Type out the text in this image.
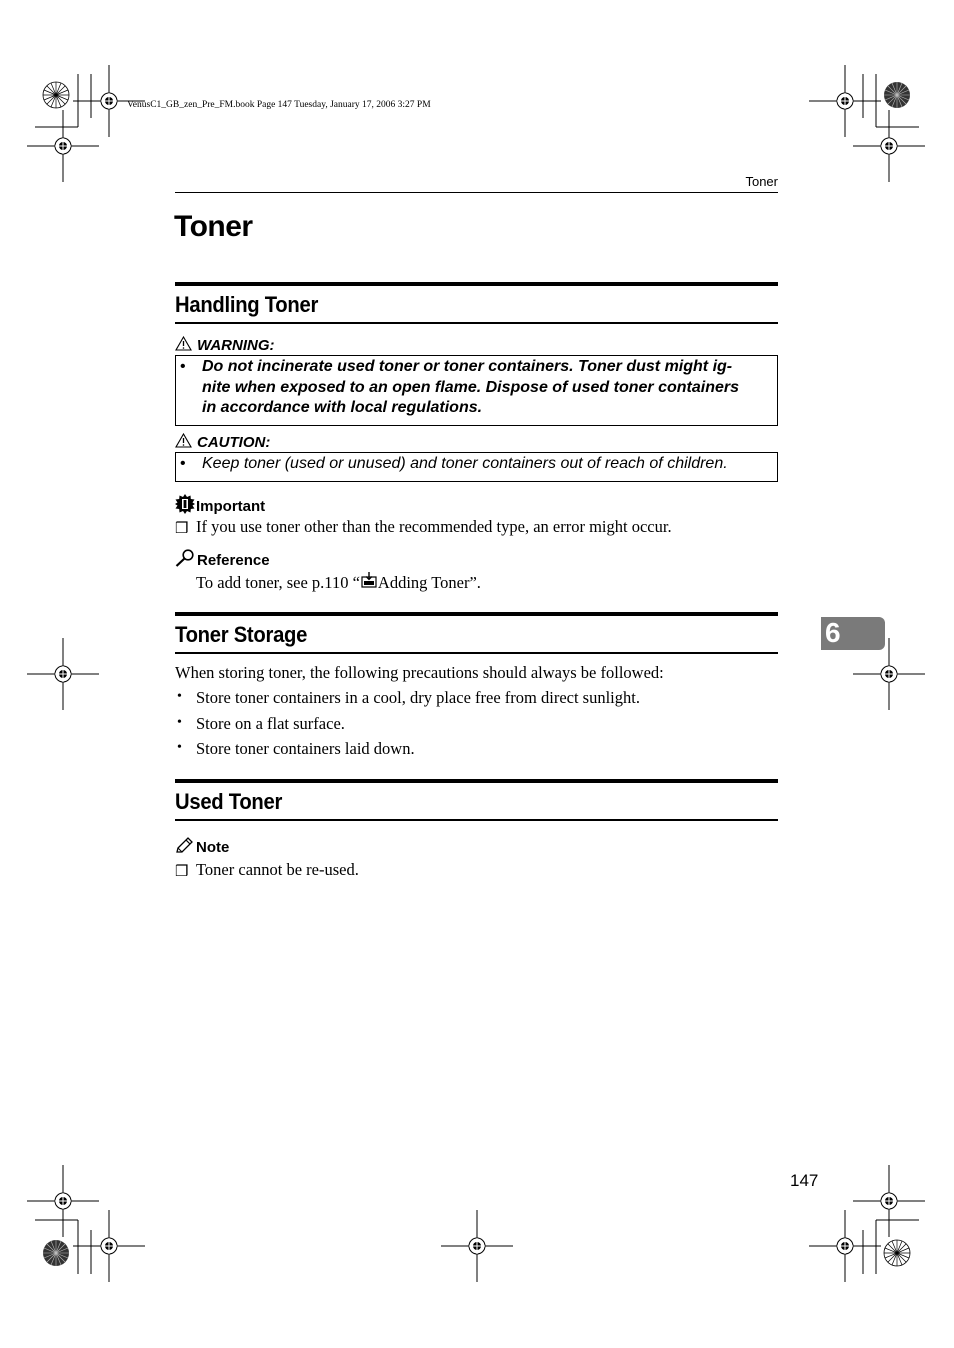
VenusC1_GB_zen_Pre_FM.book Page 147 Tuesday, January 17, 2006 3:27 PM
Toner
Toner
Handling Toner
WARNING:
• Do not incinerate used toner or toner containers. Toner dust might ig-
nite when exposed to an open flame. Dispose of used toner containers
in accordance with local regulations.
CAUTION:
• Keep toner (used or unused) and toner containers out of reach of children.
Important
❒ If you use toner other than the recommended type, an error might occur.
Reference
To add toner, see p.110 “ Adding Toner”.
Toner Storage
When storing toner, the following precautions should always be followed:
• Store toner containers in a cool, dry place free from direct sunlight.
• Store on a flat surface.
• Store toner containers laid down.
Used Toner
Note
❒ Toner cannot be re-used.
6
147
